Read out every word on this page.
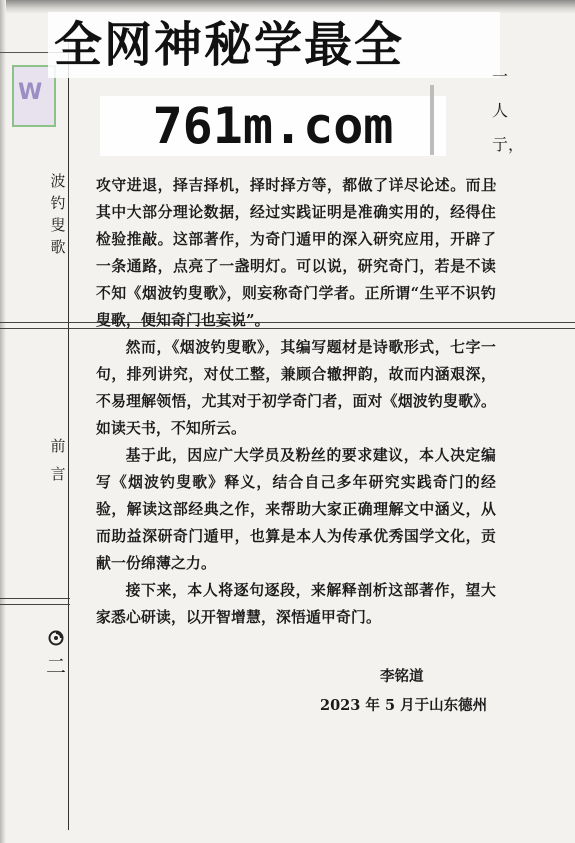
W
全网神秘学最全
761m.com
一人
亍，
，
波
钓
叟
歌
前
言
二

攻守进退，择吉择机，择时择方等，都做了详尽论述。而且其中大部分理论数据，经过实践证明是准确实用的，经得住检验推敲。这部著作，为奇门遁甲的深入研究应用，开辟了一条通路，点亮了一盏明灯。可以说，研究奇门，若是不读不知《烟波钓叟歌》，则妄称奇门学者。正所谓“生平不识钓叟歌，便知奇门也妄说”。

然而，《烟波钓叟歌》，其编写题材是诗歌形式，七字一句，排列讲究，对仗工整，兼顾合辙押韵，故而内涵艰深，不易理解领悟，尤其对于初学奇门者，面对《烟波钓叟歌》。如读天书，不知所云。

基于此，因应广大学员及粉丝的要求建议，本人决定编写《烟波钓叟歌》释义，结合自己多年研究实践奇门的经验，解读这部经典之作，来帮助大家正确理解文中涵义，从而助益深研奇门遁甲，也算是本人为传承优秀国学文化，贡献一份绵薄之力。

接下来，本人将逐句逐段，来解释剖析这部著作，望大家悉心研读，以开智增慧，深悟遁甲奇门。

李铭道
2023 年 5 月于山东德州
